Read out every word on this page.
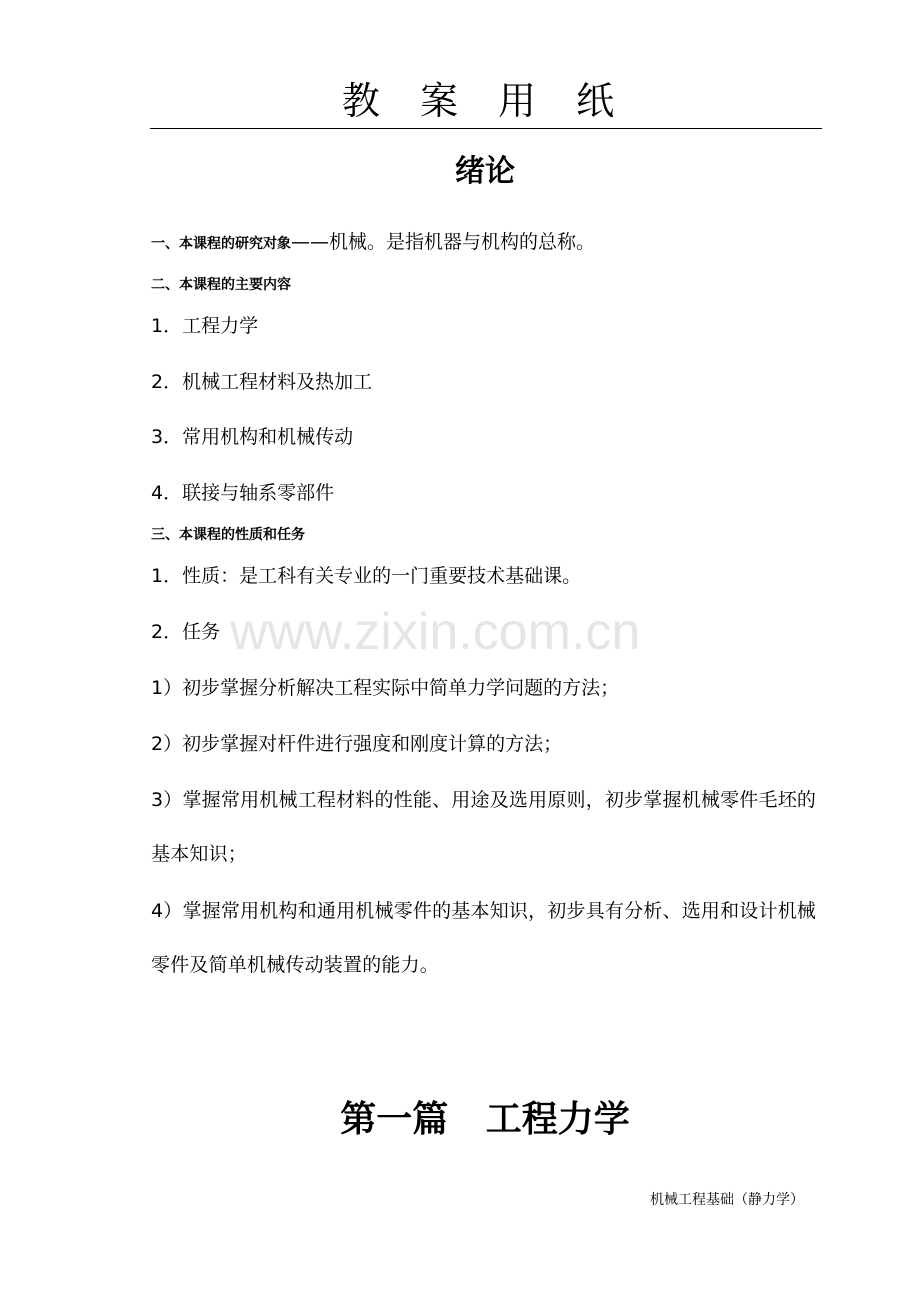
教 案 用 纸
绪论
一、本课程的研究对象——机械。是指机器与机构的总称。
二、本课程的主要内容
1．工程力学
2．机械工程材料及热加工
3．常用机构和机械传动
4．联接与轴系零部件
三、本课程的性质和任务
1．性质：是工科有关专业的一门重要技术基础课。
2．任务
1）初步掌握分析解决工程实际中简单力学问题的方法；
2）初步掌握对杆件进行强度和刚度计算的方法；
3）掌握常用机械工程材料的性能、用途及选用原则，初步掌握机械零件毛坯的基本知识；
4）掌握常用机构和通用机械零件的基本知识，初步具有分析、选用和设计机械零件及简单机械传动装置的能力。
第一篇   工程力学
机械工程基础（静力学）
www.zixin.com.cn
